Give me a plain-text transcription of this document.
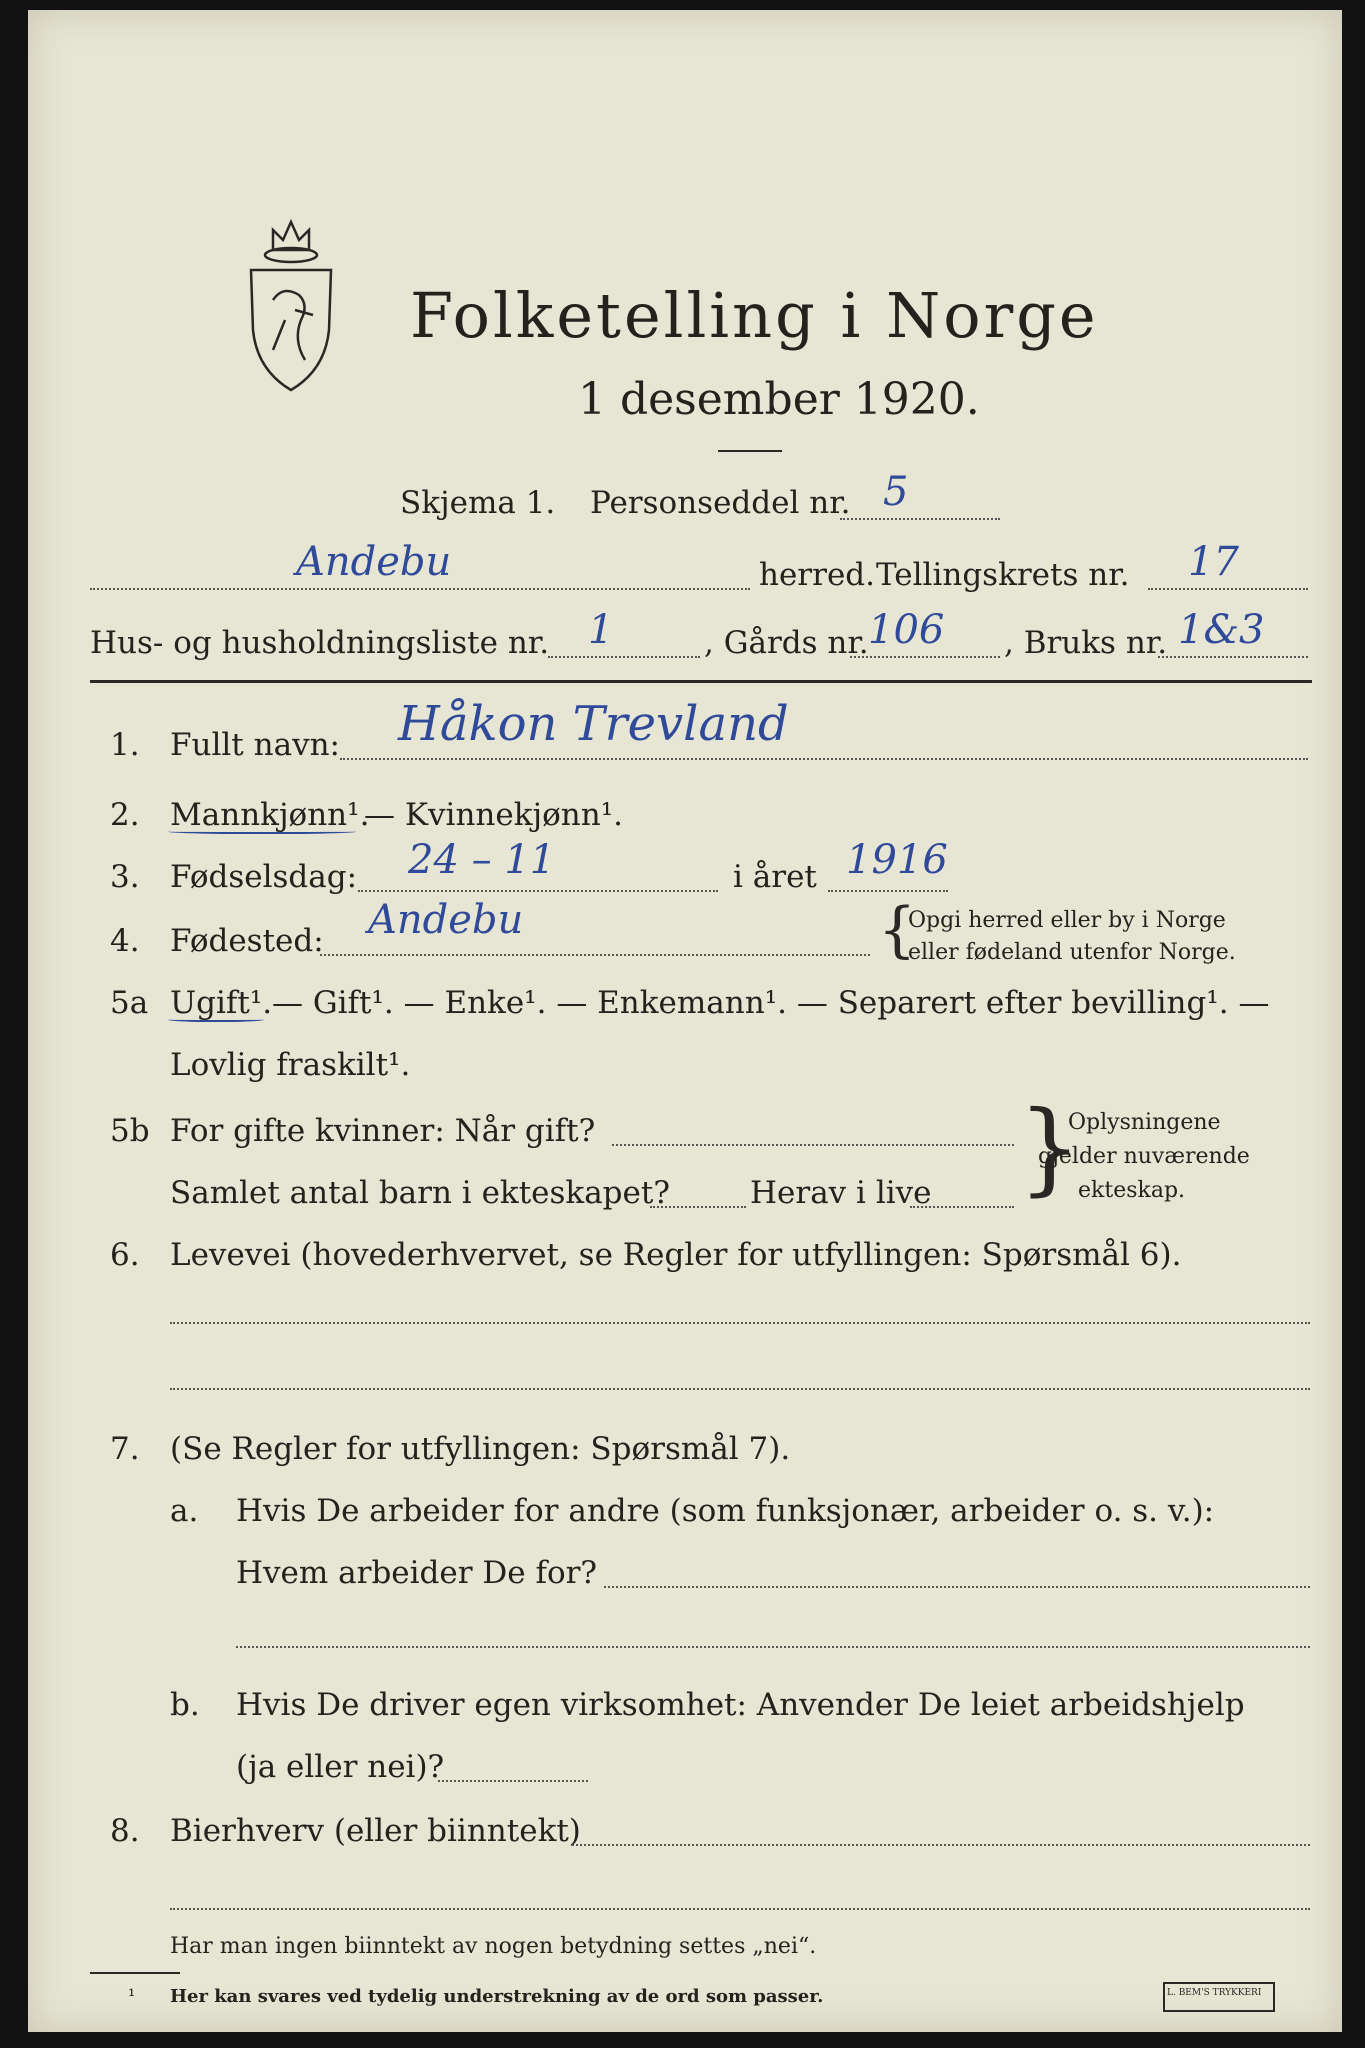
Folketelling i Norge
1 desember 1920.
Skjema 1. Personseddel nr. 5
Andebu	herred. Tellingskrets nr. 17
Hus- og husholdningsliste nr. 1	, Gårds nr. 106 , Bruks nr. 1&3
1. Fullt navn: Håkon Trevland
2. Mannkjønn¹.
— Kvinnekjønn¹.
3. Fødselsdag: 24 – 11	i året 1916
4. Fødested: Andebu	{
Opgi herred eller by i Norge
eller fødeland utenfor Norge.
5a Ugift¹. — Gift¹. — Enke¹. — Enkemann¹. — Separert efter bevilling¹. —
Lovlig fraskilt¹.
5b For gifte kvinner: Når gift?
Samlet antal barn i ekteskapet?	Herav i live }
Oplysningene
gjelder nuværende
ekteskap.
6. Levevei (hovederhvervet, se Regler for utfyllingen: Spørsmål 6).
7. (Se Regler for utfyllingen: Spørsmål 7).
a. Hvis De arbeider for andre (som funksjonær, arbeider o. s. v.):
Hvem arbeider De for?
b. Hvis De driver egen virksomhet: Anvender De leiet arbeidshjelp
(ja eller nei)?
8. Bierhverv (eller biinntekt)
Har man ingen biinntekt av nogen betydning settes „nei“.
¹ Her kan svares ved tydelig understrekning av de ord som passer.	L. BEM'S TRYKKERI
